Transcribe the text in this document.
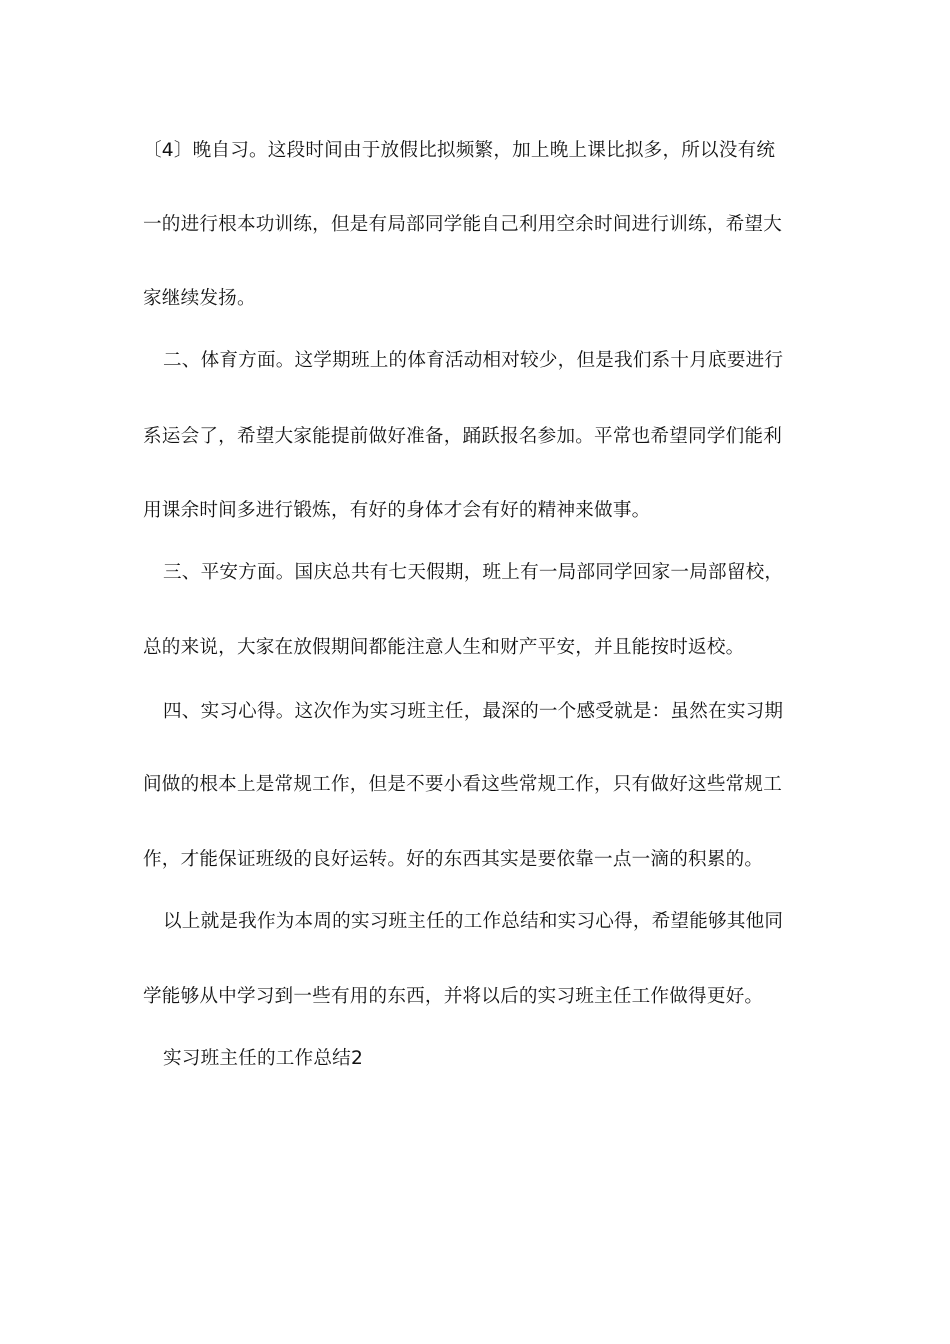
〔4〕晚自习。这段时间由于放假比拟频繁，加上晚上课比拟多，所以没有统
一的进行根本功训练，但是有局部同学能自己利用空余时间进行训练，希望大
家继续发扬。
二、体育方面。这学期班上的体育活动相对较少，但是我们系十月底要进行
系运会了，希望大家能提前做好准备，踊跃报名参加。平常也希望同学们能利
用课余时间多进行锻炼，有好的身体才会有好的精神来做事。
三、平安方面。国庆总共有七天假期，班上有一局部同学回家一局部留校，
总的来说，大家在放假期间都能注意人生和财产平安，并且能按时返校。
四、实习心得。这次作为实习班主任，最深的一个感受就是：虽然在实习期
间做的根本上是常规工作，但是不要小看这些常规工作，只有做好这些常规工
作，才能保证班级的良好运转。好的东西其实是要依靠一点一滴的积累的。
以上就是我作为本周的实习班主任的工作总结和实习心得，希望能够其他同
学能够从中学习到一些有用的东西，并将以后的实习班主任工作做得更好。
实习班主任的工作总结2
